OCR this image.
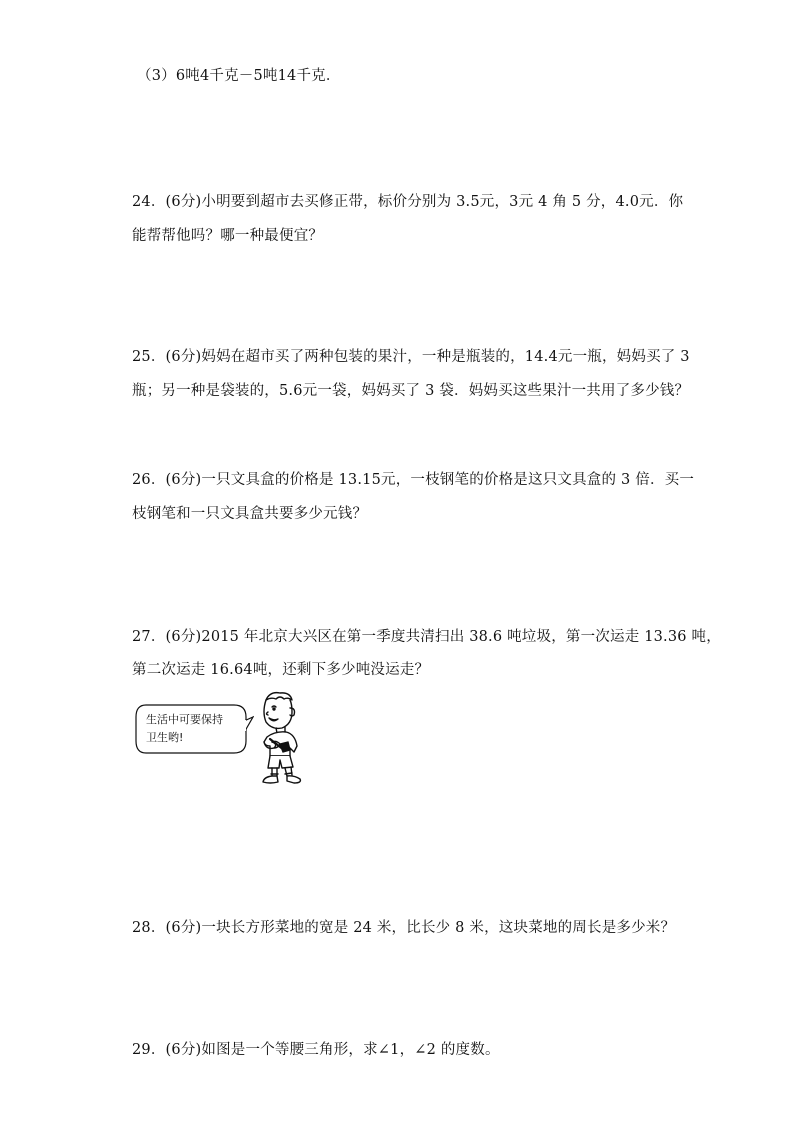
（3）6吨4千克－5吨14千克．
24．(6分)小明要到超市去买修正带，标价分别为 3.5元，3元 4 角 5 分，4.0元．你
能帮帮他吗？哪一种最便宜？
25．(6分)妈妈在超市买了两种包装的果汁，一种是瓶装的，14.4元一瓶，妈妈买了 3
瓶；另一种是袋装的，5.6元一袋，妈妈买了 3 袋．妈妈买这些果汁一共用了多少钱？
26．(6分)一只文具盒的价格是 13.15元，一枝钢笔的价格是这只文具盒的 3 倍．买一
枝钢笔和一只文具盒共要多少元钱？
27．(6分)2015 年北京大兴区在第一季度共清扫出 38.6 吨垃圾，第一次运走 13.36 吨，
第二次运走 16.64吨，还剩下多少吨没运走？
生活中可要保持
卫生哟!
28．(6分)一块长方形菜地的宽是 24 米，比长少 8 米，这块菜地的周长是多少米？
29．(6分)如图是一个等腰三角形，求∠1，∠2 的度数。
